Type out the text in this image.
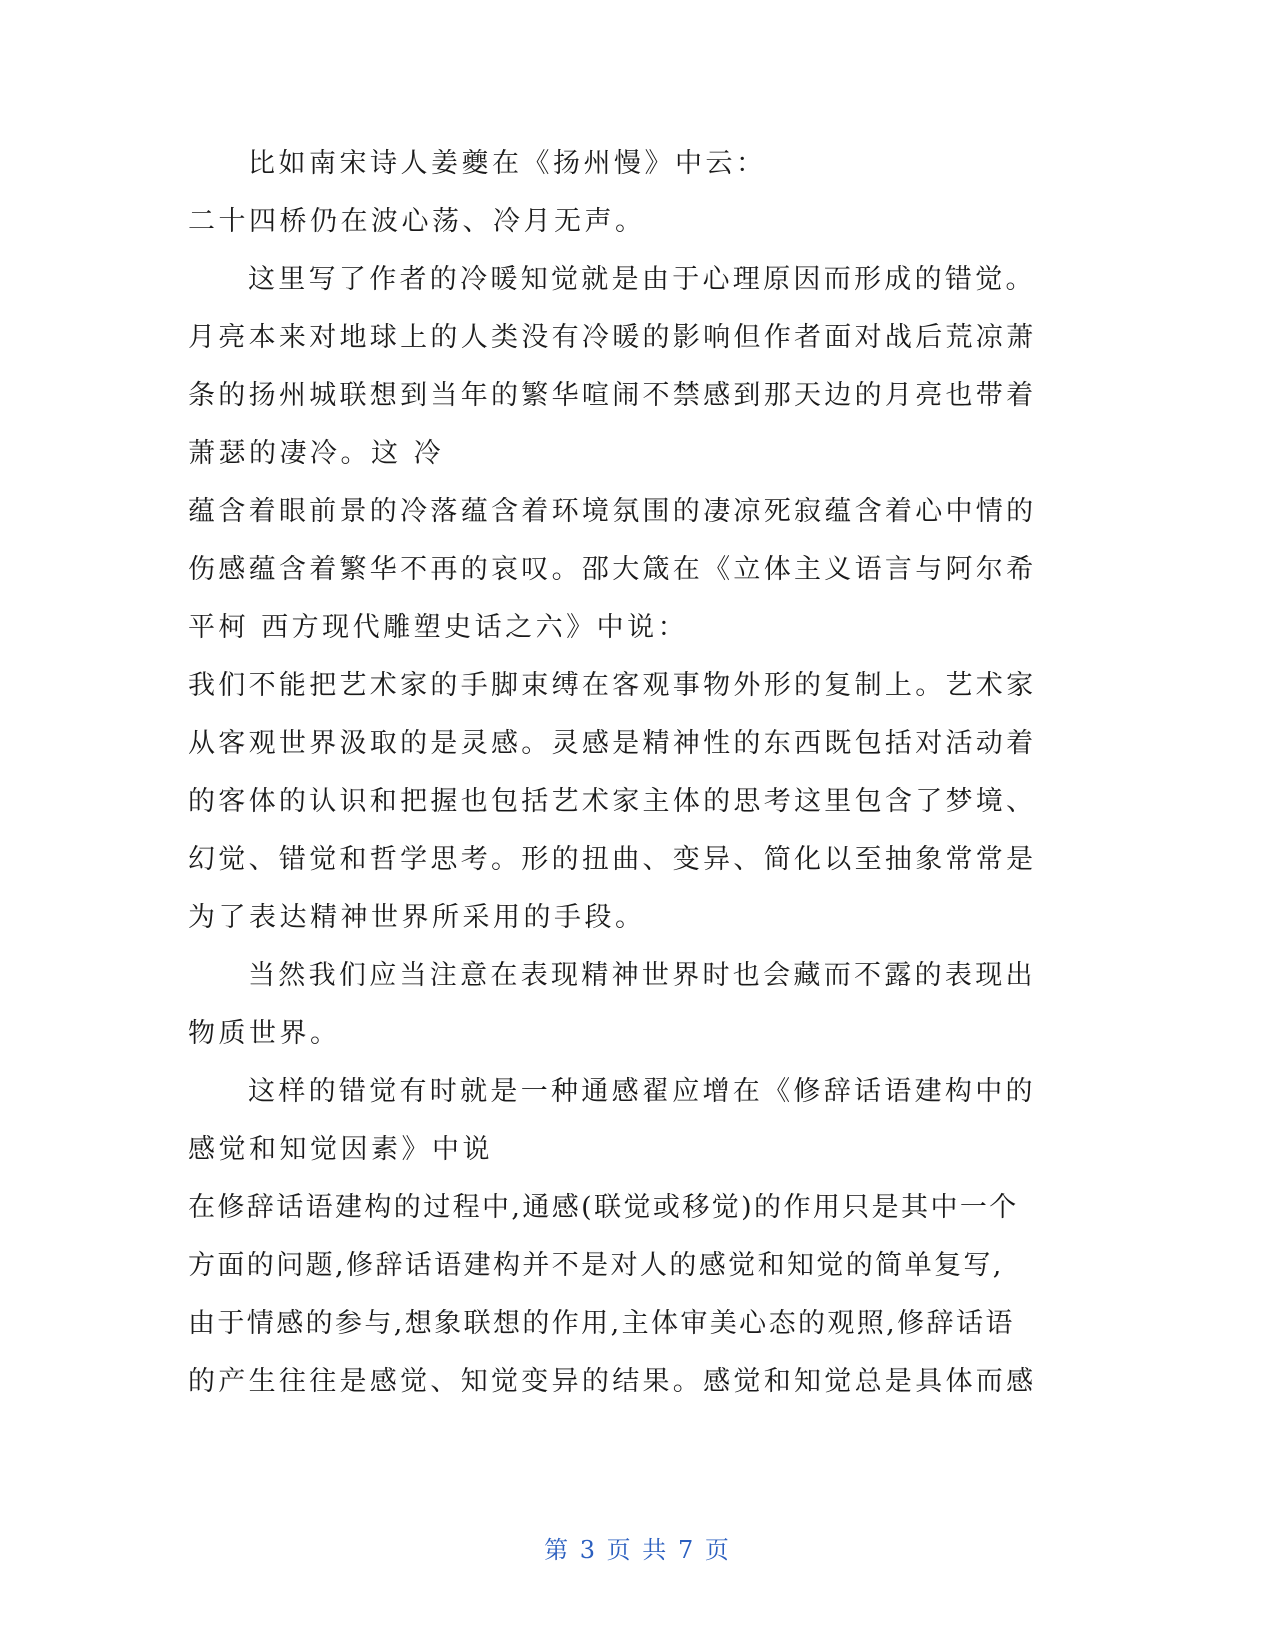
比如南宋诗人姜夔在《扬州慢》中云：
二十四桥仍在波心荡、冷月无声。
这里写了作者的冷暖知觉就是由于心理原因而形成的错觉。
月亮本来对地球上的人类没有冷暖的影响但作者面对战后荒凉萧
条的扬州城联想到当年的繁华喧闹不禁感到那天边的月亮也带着
萧瑟的凄冷。这 冷
蕴含着眼前景的冷落蕴含着环境氛围的凄凉死寂蕴含着心中情的
伤感蕴含着繁华不再的哀叹。邵大箴在《立体主义语言与阿尔希
平柯 西方现代雕塑史话之六》中说：
我们不能把艺术家的手脚束缚在客观事物外形的复制上。艺术家
从客观世界汲取的是灵感。灵感是精神性的东西既包括对活动着
的客体的认识和把握也包括艺术家主体的思考这里包含了梦境、
幻觉、错觉和哲学思考。形的扭曲、变异、简化以至抽象常常是
为了表达精神世界所采用的手段。
当然我们应当注意在表现精神世界时也会藏而不露的表现出
物质世界。
这样的错觉有时就是一种通感翟应增在《修辞话语建构中的
感觉和知觉因素》中说
在修辞话语建构的过程中,通感(联觉或移觉)的作用只是其中一个
方面的问题,修辞话语建构并不是对人的感觉和知觉的简单复写,
由于情感的参与,想象联想的作用,主体审美心态的观照,修辞话语
的产生往往是感觉、知觉变异的结果。感觉和知觉总是具体而感
第 3 页 共 7 页
